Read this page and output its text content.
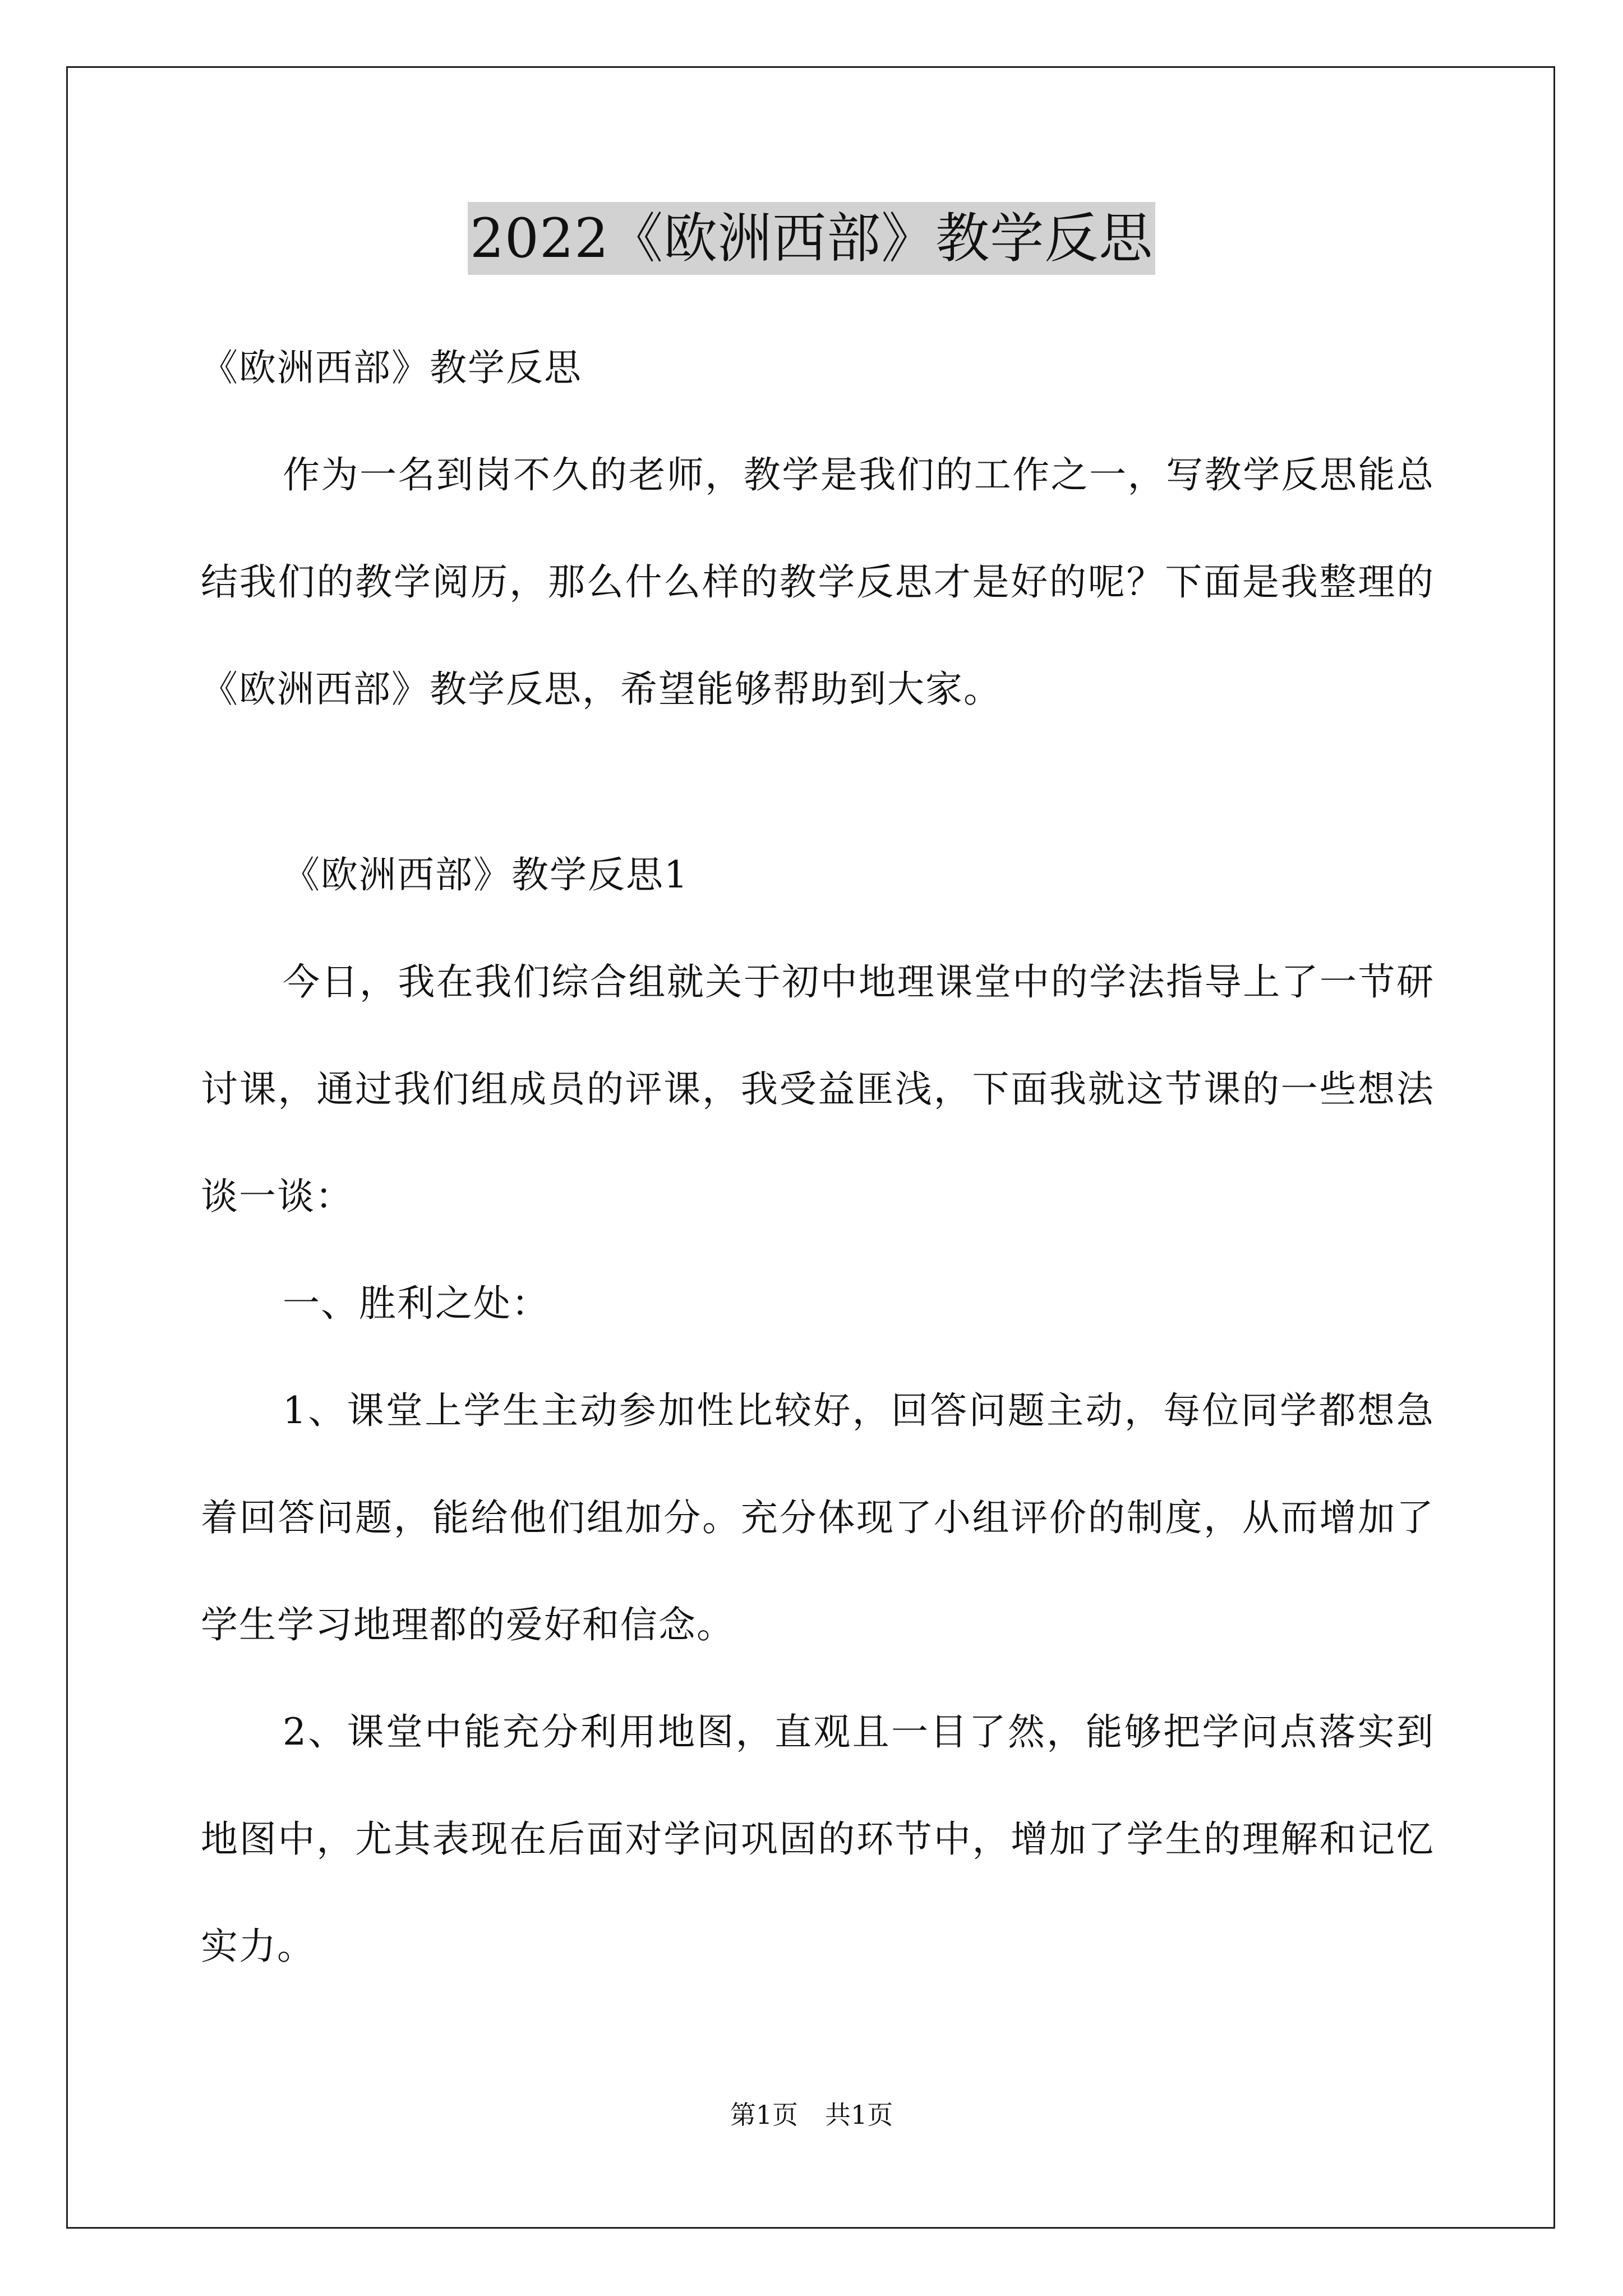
2022《欧洲西部》教学反思

《欧洲西部》教学反思

作为一名到岗不久的老师，教学是我们的工作之一，写教学反思能总结我们的教学阅历，那么什么样的教学反思才是好的呢？下面是我整理的《欧洲西部》教学反思，希望能够帮助到大家。

《欧洲西部》教学反思1

今日，我在我们综合组就关于初中地理课堂中的学法指导上了一节研讨课，通过我们组成员的评课，我受益匪浅，下面我就这节课的一些想法谈一谈：

一、胜利之处：

1、课堂上学生主动参加性比较好，回答问题主动，每位同学都想急着回答问题，能给他们组加分。充分体现了小组评价的制度，从而增加了学生学习地理都的爱好和信念。

2、课堂中能充分利用地图，直观且一目了然，能够把学问点落实到地图中，尤其表现在后面对学问巩固的环节中，增加了学生的理解和记忆实力。

第1页 共1页
